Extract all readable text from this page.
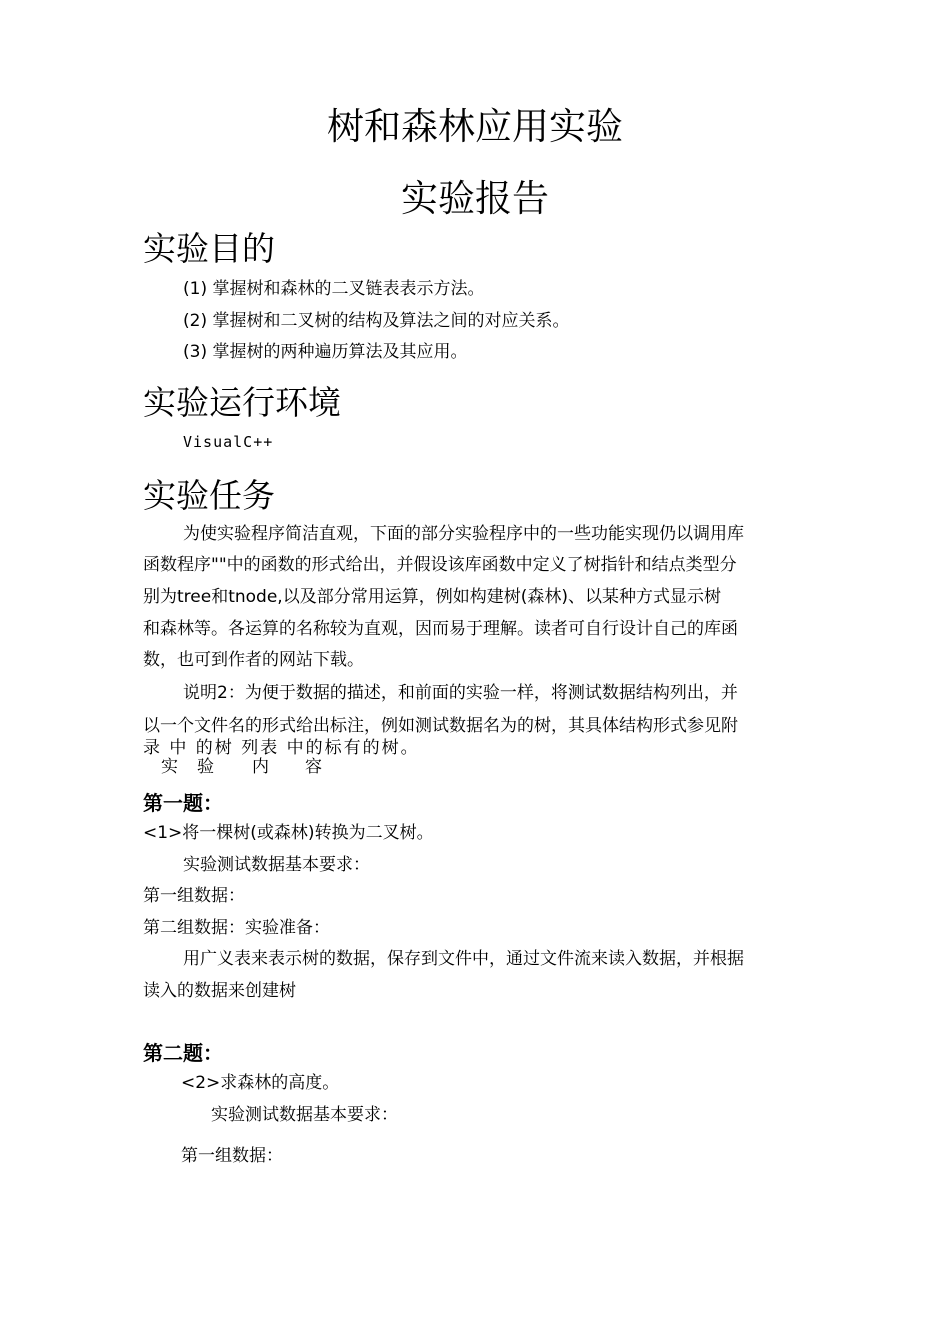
树和森林应用实验
实验报告
实验目的
(1) 掌握树和森林的二叉链表表示方法。
(2) 掌握树和二叉树的结构及算法之间的对应关系。
(3) 掌握树的两种遍历算法及其应用。
实验运行环境
VisualC++
实验任务
为使实验程序简洁直观，下面的部分实验程序中的一些功能实现仍以调用库
函数程序""中的函数的形式给出，并假设该库函数中定义了树指针和结点类型分
别为tree和tnode,以及部分常用运算，例如构建树(森林)、以某种方式显示树
和森林等。各运算的名称较为直观，因而易于理解。读者可自行设计自己的库函
数，也可到作者的网站下载。
说明2：为便于数据的描述，和前面的实验一样，将测试数据结构列出，并
以一个文件名的形式给出标注，例如测试数据名为的树，其具体结构形式参见附
录 中 的树 列表 中的标有的树。
实 验 内 容
第一题：
<1>将一棵树(或森林)转换为二叉树。
实验测试数据基本要求：
第一组数据：
第二组数据：实验准备：
用广义表来表示树的数据，保存到文件中，通过文件流来读入数据，并根据
读入的数据来创建树
第二题：
<2>求森林的高度。
实验测试数据基本要求：
第一组数据：
